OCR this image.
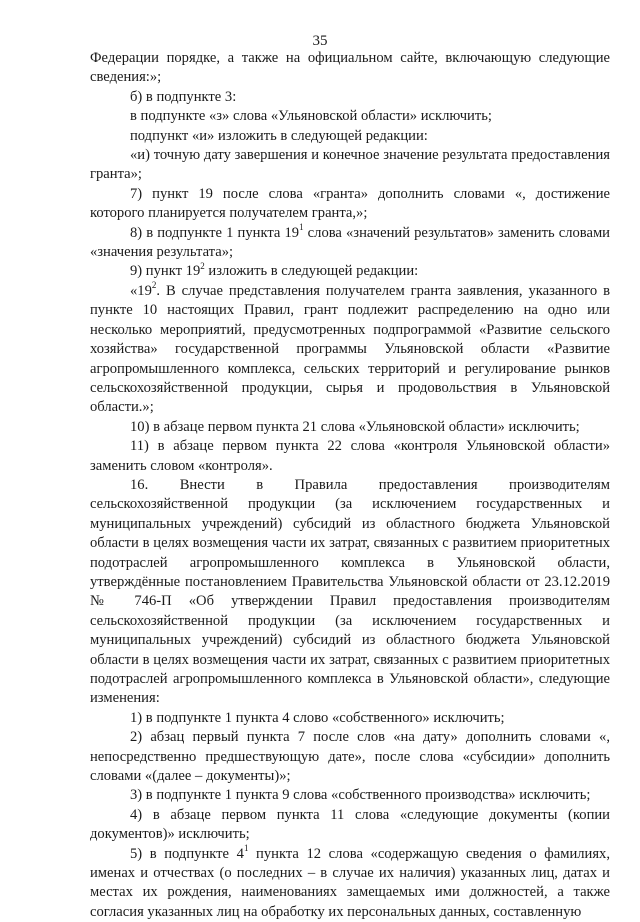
35

Федерации порядке, а также на официальном сайте, включающую следующие сведения:»;

б) в подпункте 3:

в подпункте «з» слова «Ульяновской области» исключить;

подпункт «и» изложить в следующей редакции:

«и) точную дату завершения и конечное значение результата предоставления гранта»;

7) пункт 19 после слова «гранта» дополнить словами «, достижение которого планируется получателем гранта,»;

8) в подпункте 1 пункта $19^1$ слова «значений результатов» заменить словами «значения результата»;

9) пункт $19^2$ изложить в следующей редакции:

«$19^2$. В случае представления получателем гранта заявления, указанного в пункте 10 настоящих Правил, грант подлежит распределению на одно или несколько мероприятий, предусмотренных подпрограммой «Развитие сельского хозяйства» государственной программы Ульяновской области «Развитие агропромышленного комплекса, сельских территорий и регулирование рынков сельскохозяйственной продукции, сырья и продовольствия в Ульяновской области.»;

10) в абзаце первом пункта 21 слова «Ульяновской области» исключить;

11) в абзаце первом пункта 22 слова «контроля Ульяновской области» заменить словом «контроля».

16. Внести в Правила предоставления производителям сельскохозяйственной продукции (за исключением государственных и муниципальных учреждений) субсидий из областного бюджета Ульяновской области в целях возмещения части их затрат, связанных с развитием приоритетных подотраслей агропромышленного комплекса в Ульяновской области, утверждённые постановлением Правительства Ульяновской области от 23.12.2019 № 746-П «Об утверждении Правил предоставления производителям сельскохозяйственной продукции (за исключением государственных и муниципальных учреждений) субсидий из областного бюджета Ульяновской области в целях возмещения части их затрат, связанных с развитием приоритетных подотраслей агропромышленного комплекса в Ульяновской области», следующие изменения:

1) в подпункте 1 пункта 4 слово «собственного» исключить;

2) абзац первый пункта 7 после слов «на дату» дополнить словами «, непосредственно предшествующую дате», после слова «субсидии» дополнить словами «(далее – документы)»;

3) в подпункте 1 пункта 9 слова «собственного производства» исключить;

4) в абзаце первом пункта 11 слова «следующие документы (копии документов)» исключить;

5) в подпункте $4^1$ пункта 12 слова «содержащую сведения о фамилиях, именах и отчествах (о последних – в случае их наличия) указанных лиц, датах и местах их рождения, наименованиях замещаемых ими должностей, а также согласия указанных лиц на обработку их персональных данных, составленную
